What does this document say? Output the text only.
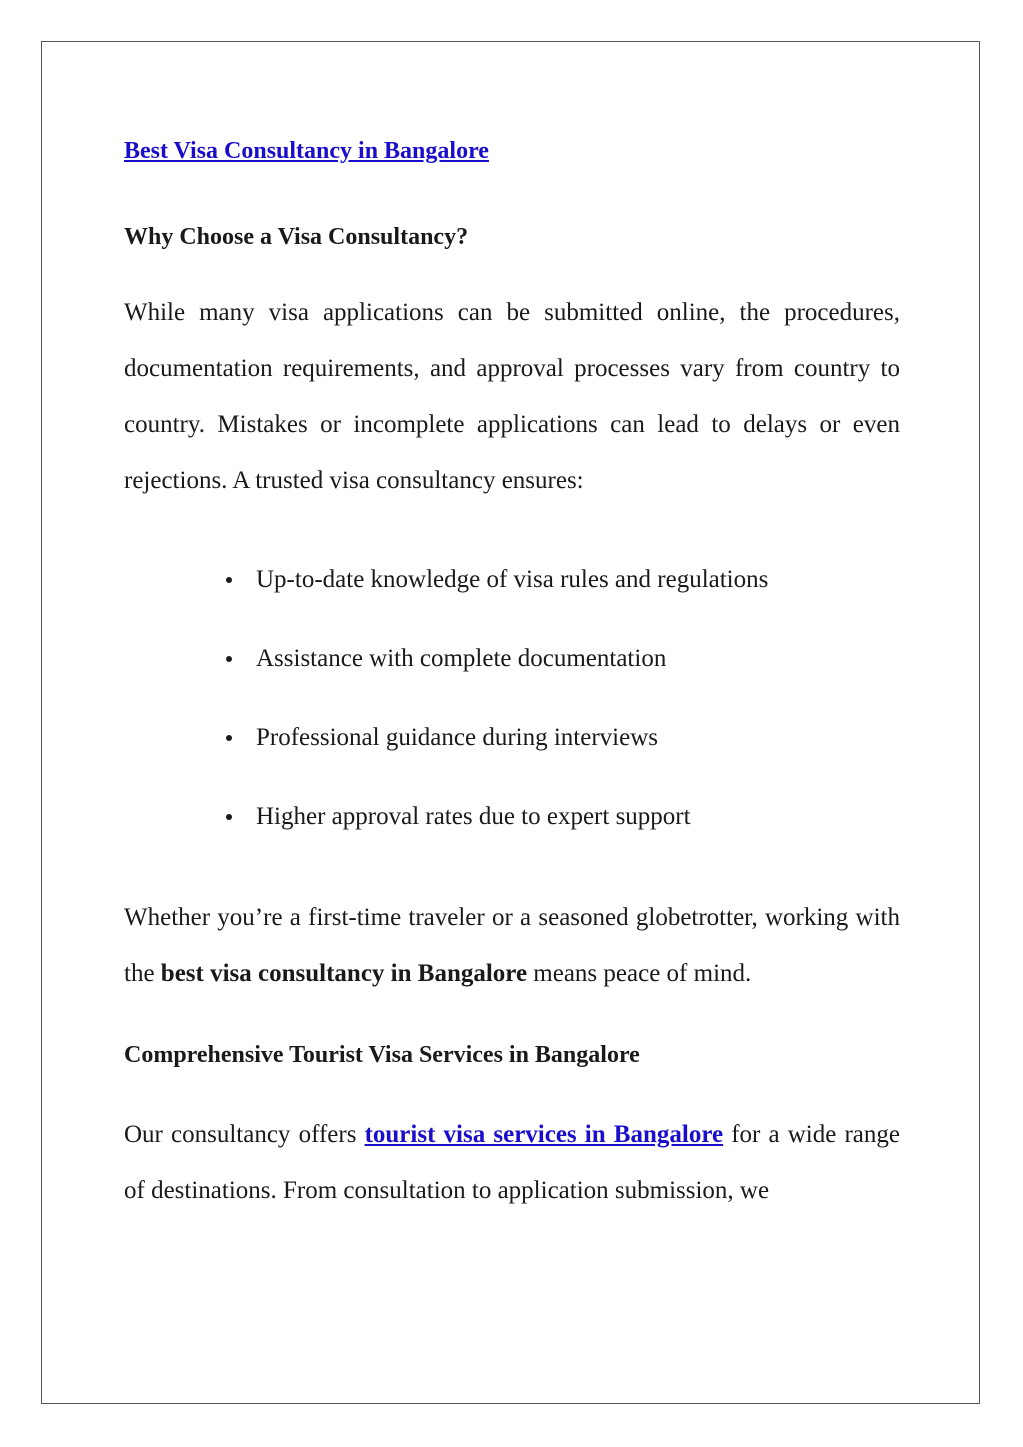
Best Visa Consultancy in Bangalore
Why Choose a Visa Consultancy?

While many visa applications can be submitted online, the procedures, documentation requirements, and approval processes vary from country to country. Mistakes or incomplete applications can lead to delays or even rejections. A trusted visa consultancy ensures:

Up-to-date knowledge of visa rules and regulations
Assistance with complete documentation
Professional guidance during interviews
Higher approval rates due to expert support

Whether you’re a first-time traveler or a seasoned globetrotter, working with the best visa consultancy in Bangalore means peace of mind.

Comprehensive Tourist Visa Services in Bangalore

Our consultancy offers tourist visa services in Bangalore for a wide range of destinations. From consultation to application submission, we
